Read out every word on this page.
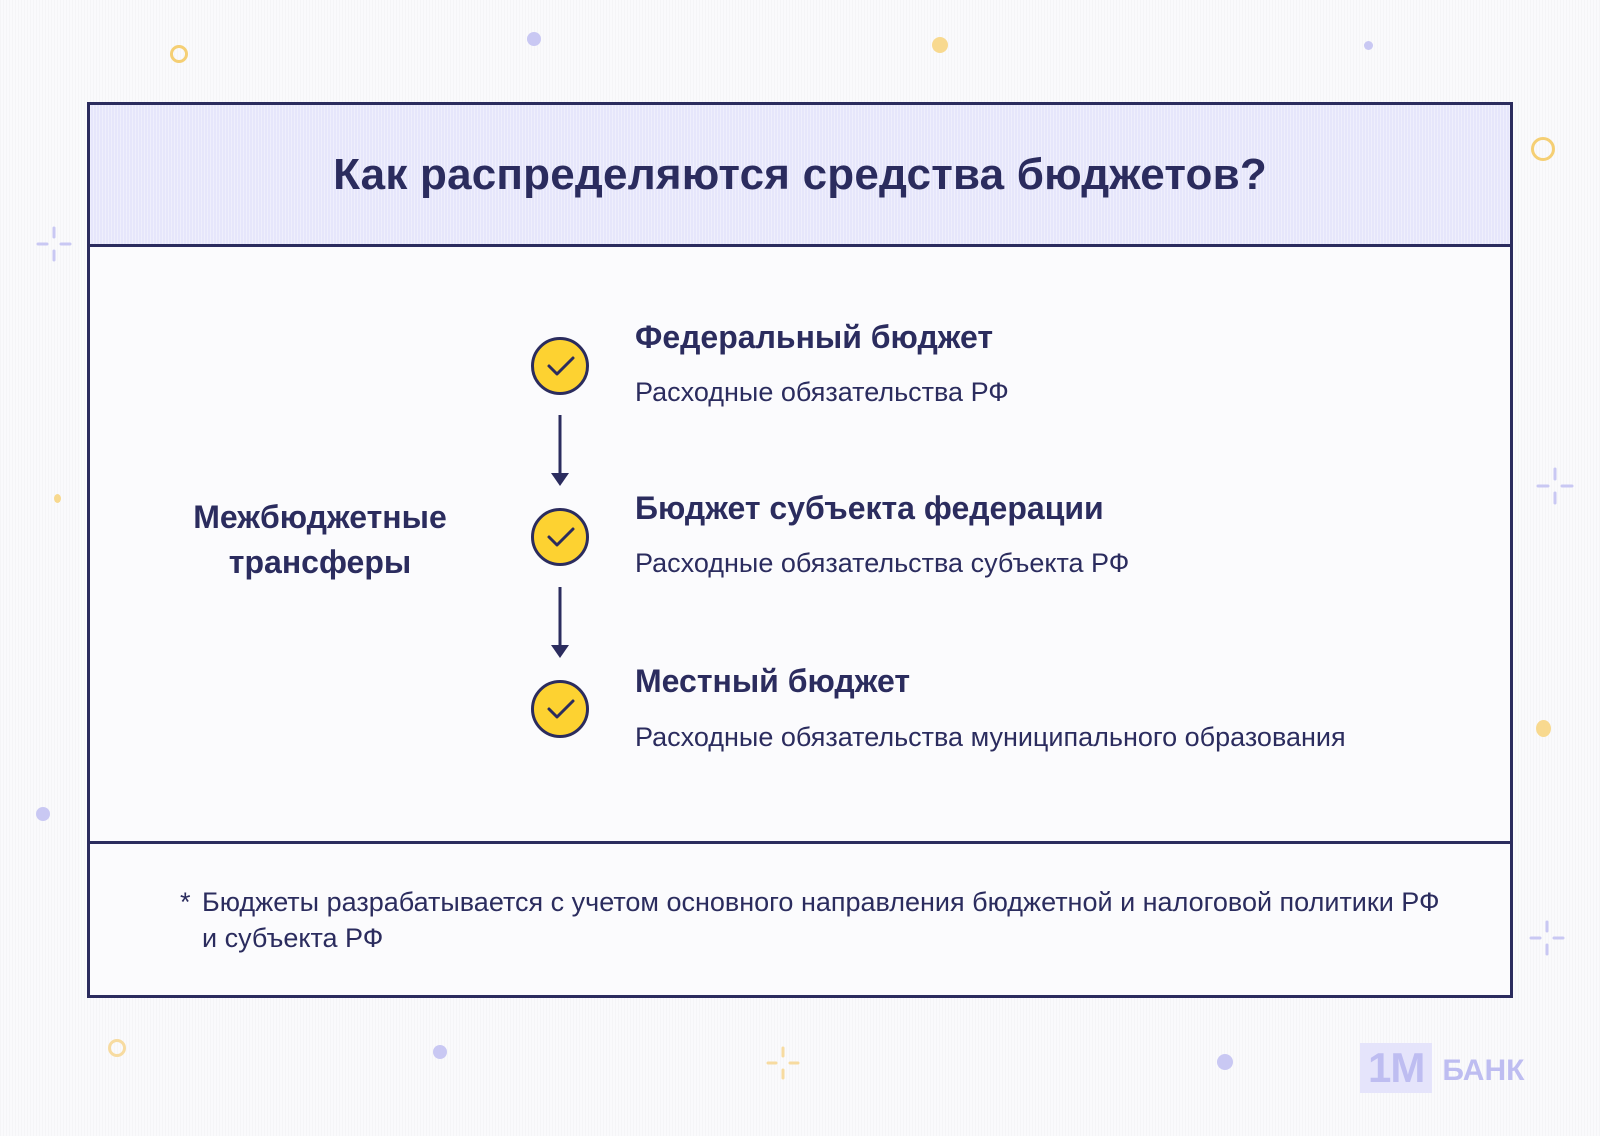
Как распределяются средства бюджетов?
Межбюджетные
трансферы
Федеральный бюджет
Расходные обязательства РФ
Бюджет субъекта федерации
Расходные обязательства субъекта РФ
Местный бюджет
Расходные обязательства муниципального образования
* Бюджеты разрабатывается с учетом основного направления бюджетной и налоговой политики РФ и субъекта РФ
1M БАНК
